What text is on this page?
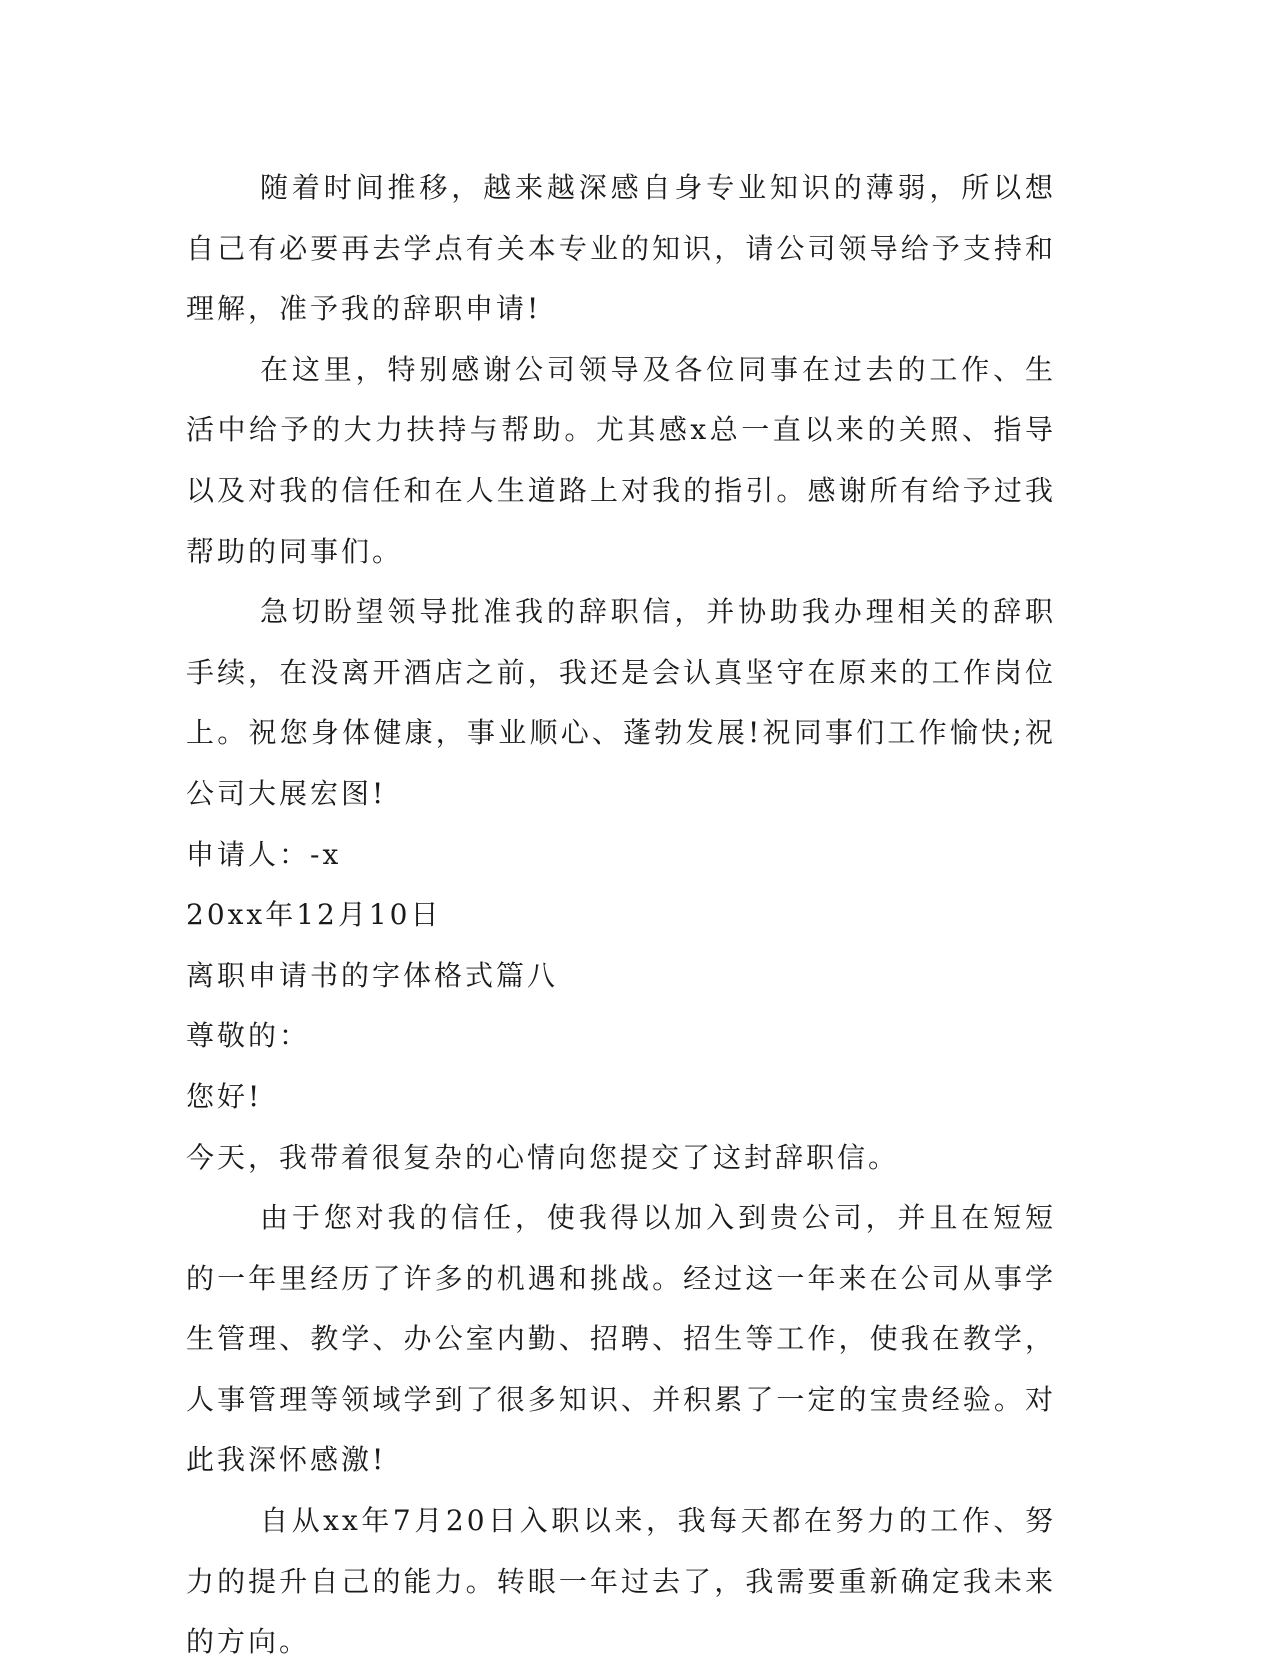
随着时间推移，越来越深感自身专业知识的薄弱，所以想自己有必要再去学点有关本专业的知识，请公司领导给予支持和理解，准予我的辞职申请!

在这里，特别感谢公司领导及各位同事在过去的工作、生活中给予的大力扶持与帮助。尤其感x总一直以来的关照、指导以及对我的信任和在人生道路上对我的指引。感谢所有给予过我帮助的同事们。

急切盼望领导批准我的辞职信，并协助我办理相关的辞职手续，在没离开酒店之前，我还是会认真坚守在原来的工作岗位上。祝您身体健康，事业顺心、蓬勃发展!祝同事们工作愉快;祝公司大展宏图!

申请人：-x

20xx年12月10日

离职申请书的字体格式篇八

尊敬的：

您好!

今天，我带着很复杂的心情向您提交了这封辞职信。

由于您对我的信任，使我得以加入到贵公司，并且在短短的一年里经历了许多的机遇和挑战。经过这一年来在公司从事学生管理、教学、办公室内勤、招聘、招生等工作，使我在教学，人事管理等领域学到了很多知识、并积累了一定的宝贵经验。对此我深怀感激!

自从xx年7月20日入职以来，我每天都在努力的工作、努力的提升自己的能力。转眼一年过去了，我需要重新确定我未来的方向。
